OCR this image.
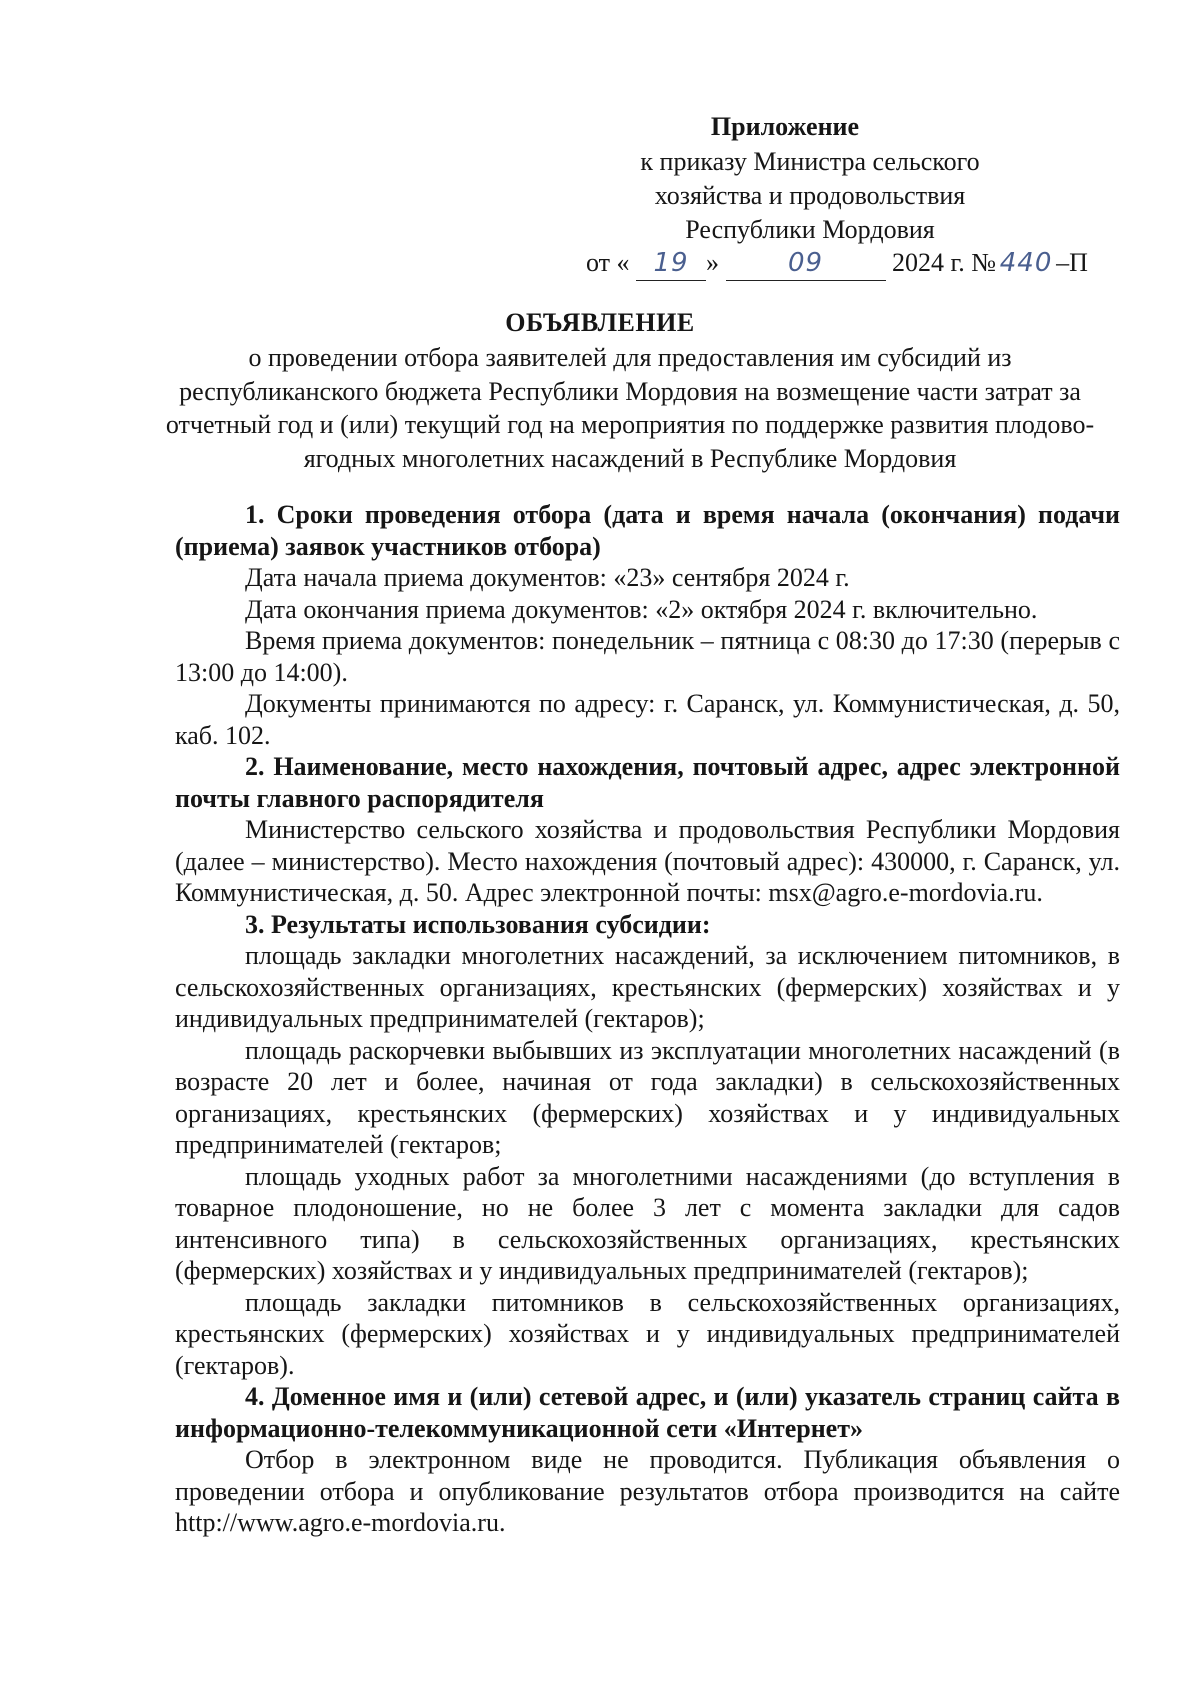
Приложение
к приказу Министра сельского
хозяйства и продовольствия
Республики Мордовия
от « 19 »	09	2024 г. № 440 –П
ОБЪЯВЛЕНИЕ
о проведении отбора заявителей для предоставления им субсидий из республиканского бюджета Республики Мордовия на возмещение части затрат за отчетный год и (или) текущий год на мероприятия по поддержке развития плодово-ягодных многолетних насаждений в Республике Мордовия

1. Сроки проведения отбора (дата и время начала (окончания) подачи (приема) заявок участников отбора)

Дата начала приема документов: «23» сентября 2024 г.

Дата окончания приема документов: «2» октября 2024 г. включительно.

Время приема документов: понедельник – пятница с 08:30 до 17:30 (перерыв с 13:00 до 14:00).

Документы принимаются по адресу: г. Саранск, ул. Коммунистическая, д. 50, каб. 102.

2. Наименование, место нахождения, почтовый адрес, адрес электронной почты главного распорядителя

Министерство сельского хозяйства и продовольствия Республики Мордовия (далее – министерство). Место нахождения (почтовый адрес): 430000, г. Саранск, ул. Коммунистическая, д. 50. Адрес электронной почты: msx@agro.e-mordovia.ru.

3. Результаты использования субсидии:

площадь закладки многолетних насаждений, за исключением питомников, в сельскохозяйственных организациях, крестьянских (фермерских) хозяйствах и у индивидуальных предпринимателей (гектаров);

площадь раскорчевки выбывших из эксплуатации многолетних насаждений (в возрасте 20 лет и более, начиная от года закладки) в сельскохозяйственных организациях, крестьянских (фермерских) хозяйствах и у индивидуальных предпринимателей (гектаров;

площадь уходных работ за многолетними насаждениями (до вступления в товарное плодоношение, но не более 3 лет с момента закладки для садов интенсивного типа) в сельскохозяйственных организациях, крестьянских (фермерских) хозяйствах и у индивидуальных предпринимателей (гектаров);

площадь закладки питомников в сельскохозяйственных организациях, крестьянских (фермерских) хозяйствах и у индивидуальных предпринимателей (гектаров).

4. Доменное имя и (или) сетевой адрес, и (или) указатель страниц сайта в информационно-телекоммуникационной сети «Интернет»

Отбор в электронном виде не проводится. Публикация объявления о проведении отбора и опубликование результатов отбора производится на сайте http://www.agro.e-mordovia.ru.
